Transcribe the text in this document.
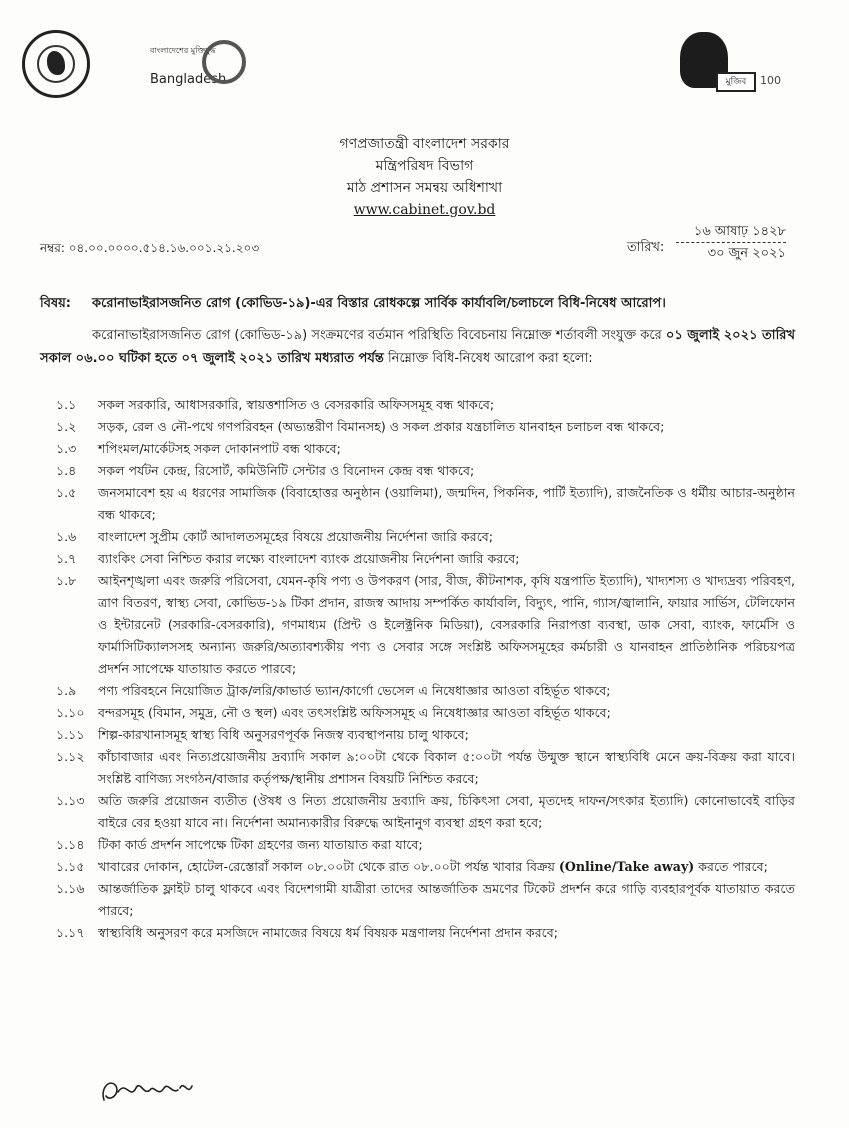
বাংলাদেশের মুক্তিযুদ্ধ
Bangladesh	মুজিব	100
গণপ্রজাতন্ত্রী বাংলাদেশ সরকার
মন্ত্রিপরিষদ বিভাগ
মাঠ প্রশাসন সমন্বয় অধিশাখা
www.cabinet.gov.bd
নম্বর: ০৪.০০.০০০০.৫১৪.১৬.০০১.২১.২০৩	তারিখ:
১৬ আষাঢ় ১৪২৮
৩০ জুন ২০২১
বিষয়: করোনাভাইরাসজনিত রোগ (কোভিড-১৯)-এর বিস্তার রোধকল্পে সার্বিক কার্যাবলি/চলাচলে বিধি-নিষেধ আরোপ।
করোনাভাইরাসজনিত রোগ (কোভিড-১৯) সংক্রমণের বর্তমান পরিস্থিতি বিবেচনায় নিম্নোক্ত শর্তাবলী সংযুক্ত করে ০১ জুলাই ২০২১ তারিখ সকাল ০৬.০০ ঘটিকা হতে ০৭ জুলাই ২০২১ তারিখ মধ্যরাত পর্যন্ত নিম্নোক্ত বিধি-নিষেধ আরোপ করা হলো:
১.১	সকল সরকারি, আধাসরকারি, স্বায়ত্তশাসিত ও বেসরকারি অফিসসমূহ বন্ধ থাকবে;
১.২	সড়ক, রেল ও নৌ-পথে গণপরিবহন (অভ্যন্তরীণ বিমানসহ) ও সকল প্রকার যন্ত্রচালিত যানবাহন চলাচল বন্ধ থাকবে;
১.৩	শপিংমল/মার্কেটসহ সকল দোকানপাট বন্ধ থাকবে;
১.৪	সকল পর্যটন কেন্দ্র, রিসোর্ট, কমিউনিটি সেন্টার ও বিনোদন কেন্দ্র বন্ধ থাকবে;
১.৫	জনসমাবেশ হয় এ ধরণের সামাজিক (বিবাহোত্তর অনুষ্ঠান (ওয়ালিমা), জন্মদিন, পিকনিক, পার্টি ইত্যাদি), রাজনৈতিক ও ধর্মীয় আচার-অনুষ্ঠান বন্ধ থাকবে;
১.৬	বাংলাদেশ সুপ্রীম কোর্ট আদালতসমূহের বিষয়ে প্রয়োজনীয় নির্দেশনা জারি করবে;
১.৭	ব্যাংকিং সেবা নিশ্চিত করার লক্ষ্যে বাংলাদেশ ব্যাংক প্রয়োজনীয় নির্দেশনা জারি করবে;
১.৮	আইনশৃঙ্খলা এবং জরুরি পরিসেবা, যেমন-কৃষি পণ্য ও উপকরণ (সার, বীজ, কীটনাশক, কৃষি যন্ত্রপাতি ইত্যাদি), খাদ্যশস্য ও খাদ্যদ্রব্য পরিবহণ, ত্রাণ বিতরণ, স্বাস্থ্য সেবা, কোভিড-১৯ টিকা প্রদান, রাজস্ব আদায় সম্পর্কিত কার্যাবলি, বিদ্যুৎ, পানি, গ্যাস/জ্বালানি, ফায়ার সার্ভিস, টেলিফোন ও ইন্টারনেট (সরকারি-বেসরকারি), গণমাধ্যম (প্রিন্ট ও ইলেক্ট্রনিক মিডিয়া), বেসরকারি নিরাপত্তা ব্যবস্থা, ডাক সেবা, ব্যাংক, ফার্মেসি ও ফার্মাসিটিক্যালসসহ অন্যান্য জরুরি/অত্যাবশ্যকীয় পণ্য ও সেবার সঙ্গে সংশ্লিষ্ট অফিসসমূহের কর্মচারী ও যানবাহন প্রাতিষ্ঠানিক পরিচয়পত্র প্রদর্শন সাপেক্ষে যাতায়াত করতে পারবে;
১.৯	পণ্য পরিবহনে নিয়োজিত ট্রাক/লরি/কাভার্ড ভ্যান/কার্গো ভেসেল এ নিষেধাজ্ঞার আওতা বহির্ভূত থাকবে;
১.১০	বন্দরসমূহ (বিমান, সমুদ্র, নৌ ও স্থল) এবং তৎসংশ্লিষ্ট অফিসসমূহ এ নিষেধাজ্ঞার আওতা বহির্ভূত থাকবে;
১.১১	শিল্প-কারখানাসমূহ স্বাস্থ্য বিধি অনুসরণপূর্বক নিজস্ব ব্যবস্থাপনায় চালু থাকবে;
১.১২	কাঁচাবাজার এবং নিত্যপ্রয়োজনীয় দ্রব্যাদি সকাল ৯:০০টা থেকে বিকাল ৫:০০টা পর্যন্ত উন্মুক্ত স্থানে স্বাস্থ্যবিধি মেনে ক্রয়-বিক্রয় করা যাবে। সংশ্লিষ্ট বাণিজ্য সংগঠন/বাজার কর্তৃপক্ষ/স্থানীয় প্রশাসন বিষয়টি নিশ্চিত করবে;
১.১৩	অতি জরুরি প্রয়োজন ব্যতীত (ঔষধ ও নিত্য প্রয়োজনীয় দ্রব্যাদি ক্রয়, চিকিৎসা সেবা, মৃতদেহ দাফন/সৎকার ইত্যাদি) কোনোভাবেই বাড়ির বাইরে বের হওয়া যাবে না। নির্দেশনা অমান্যকারীর বিরুদ্ধে আইনানুগ ব্যবস্থা গ্রহণ করা হবে;
১.১৪	টিকা কার্ড প্রদর্শন সাপেক্ষে টিকা গ্রহণের জন্য যাতায়াত করা যাবে;
১.১৫	খাবারের দোকান, হোটেল-রেস্তোরাঁ সকাল ০৮.০০টা থেকে রাত ০৮.০০টা পর্যন্ত খাবার বিক্রয় (Online/Take away) করতে পারবে;
১.১৬	আন্তর্জাতিক ফ্লাইট চালু থাকবে এবং বিদেশগামী যাত্রীরা তাদের আন্তর্জাতিক ভ্রমণের টিকেট প্রদর্শন করে গাড়ি ব্যবহারপূর্বক যাতায়াত করতে পারবে;
১.১৭	স্বাস্থ্যবিধি অনুসরণ করে মসজিদে নামাজের বিষয়ে ধর্ম বিষয়ক মন্ত্রণালয় নির্দেশনা প্রদান করবে;
